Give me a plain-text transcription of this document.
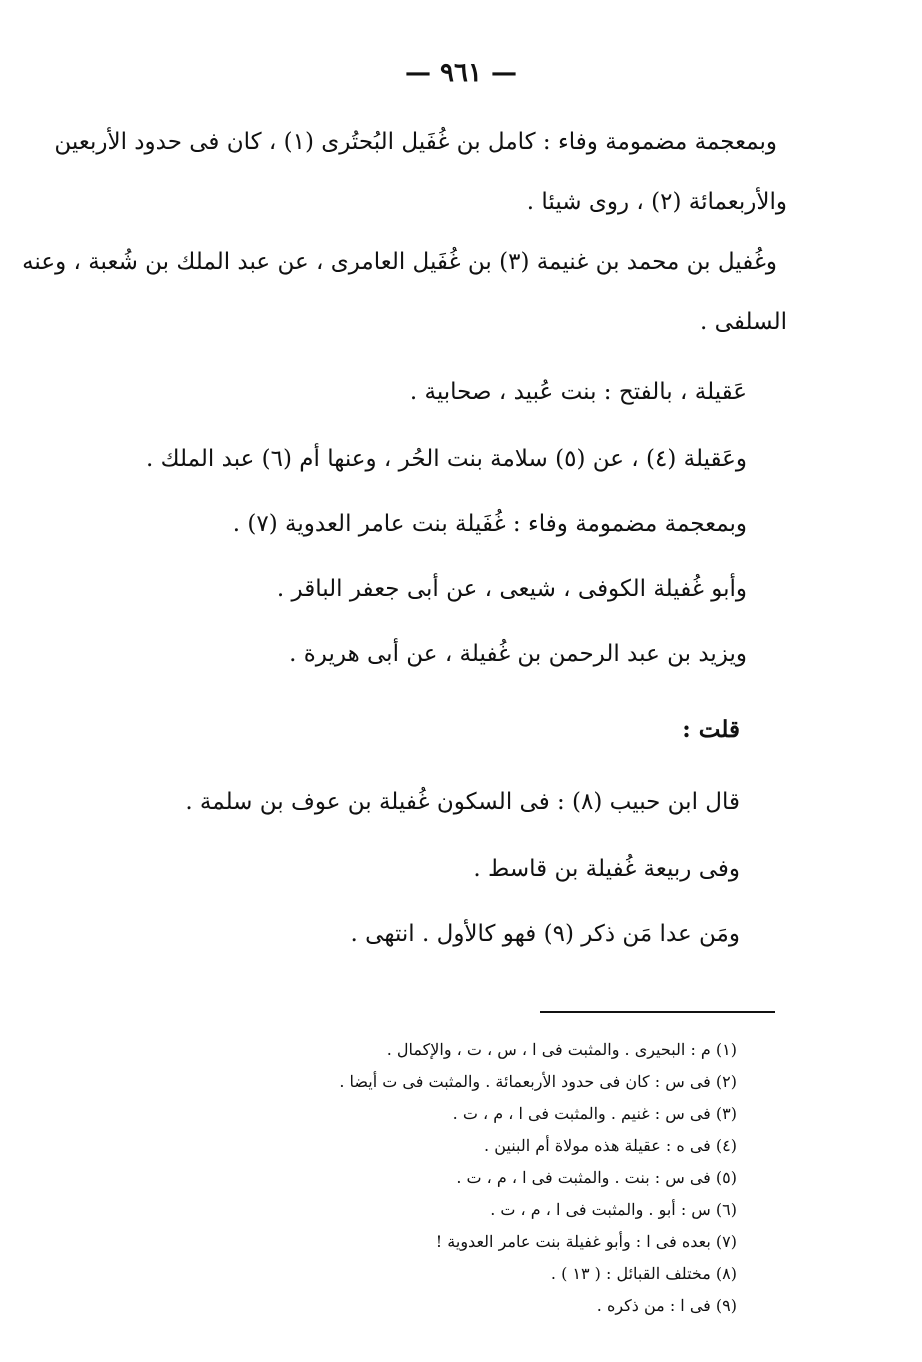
— ٩٦١ —
وبمعجمة مضمومة وفاء : كامل بن غُفَيل البُحتُرى (١) ، كان فى حدود الأربعين
والأربعمائة (٢) ، روى شيئا .
وغُفيل بن محمد بن غنيمة (٣) بن غُفَيل العامرى ، عن عبد الملك بن شُعبة ، وعنه
السلفى .
عَقيلة ، بالفتح : بنت عُبيد ، صحابية .
وعَقيلة (٤) ، عن (٥) سلامة بنت الحُر ، وعنها أم (٦) عبد الملك .
وبمعجمة مضمومة وفاء : غُفَيلة بنت عامر العدوية (٧) .
وأبو غُفيلة الكوفى ، شيعى ، عن أبى جعفر الباقر .
ويزيد بن عبد الرحمن بن غُفيلة ، عن أبى هريرة .
قلت :
قال ابن حبيب (٨) : فى السكون غُفيلة بن عوف بن سلمة .
وفى ربيعة غُفيلة بن قاسط .
ومَن عدا مَن ذكر (٩) فهو كالأول . انتهى .
(١) م : البحيرى . والمثبت فى ا ، س ، ت ، والإكمال .
(٢) فى س : كان فى حدود الأربعمائة . والمثبت فى ت أيضا .
(٣) فى س : غنيم . والمثبت فى ا ، م ، ت .
(٤) فى ه : عقيلة هذه مولاة أم البنين .
(٥) فى س : بنت . والمثبت فى ا ، م ، ت .
(٦) س : أبو . والمثبت فى ا ، م ، ت .
(٧) بعده فى ا : وأبو غفيلة بنت عامر العدوية !
(٨) مختلف القبائل : ( ١٣ ) .
(٩) فى ا : من ذكره .
